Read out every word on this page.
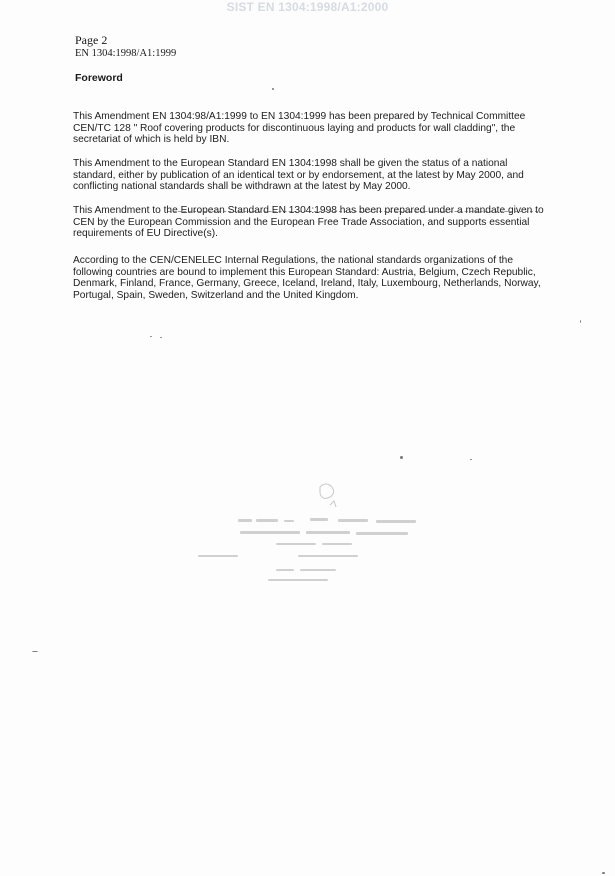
SIST EN 1304:1998/A1:2000
Page 2
EN 1304:1998/A1:1999
Foreword
This Amendment EN 1304:98/A1:1999 to EN 1304:1999 has been prepared by Technical Committee CEN/TC 128 " Roof covering products for discontinuous laying and products for wall cladding", the secretariat of which is held by IBN.
This Amendment to the European Standard EN 1304:1998 shall be given the status of a national standard, either by publication of an identical text or by endorsement, at the latest by May 2000, and conflicting national standards shall be withdrawn at the latest by May 2000.
This Amendment to the European Standard EN 1304:1998 has been prepared under a mandate given to CEN by the European Commission and the European Free Trade Association, and supports essential requirements of EU Directive(s).
According to the CEN/CENELEC Internal Regulations, the national standards organizations of the following countries are bound to implement this European Standard: Austria, Belgium, Czech Republic, Denmark, Finland, France, Germany, Greece, Iceland, Ireland, Italy, Luxembourg, Netherlands, Norway, Portugal, Spain, Sweden, Switzerland and the United Kingdom.
